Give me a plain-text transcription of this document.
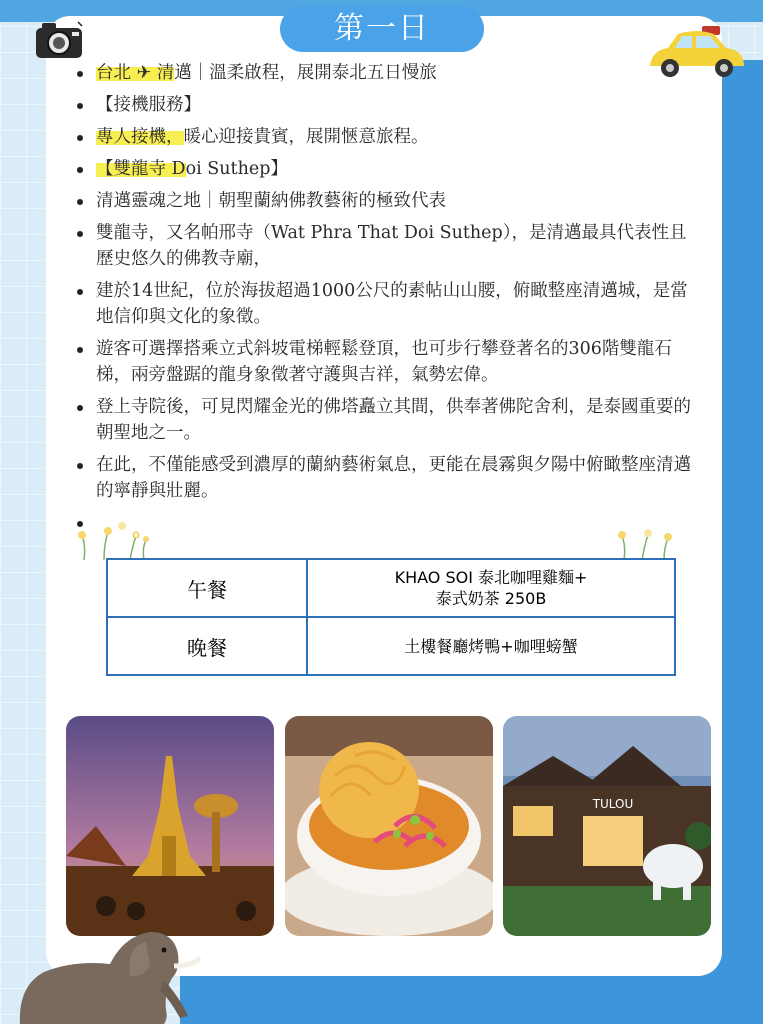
第一日
台北 ✈ 清邁｜溫柔啟程，展開泰北五日慢旅
【接機服務】
專人接機，暖心迎接貴賓，展開愜意旅程。
【雙龍寺 Doi Suthep】
清邁靈魂之地｜朝聖蘭納佛教藝術的極致代表
雙龍寺，又名帕邢寺（Wat Phra That Doi Suthep），是清邁最具代表性且歷史悠久的佛教寺廟，
建於14世紀，位於海拔超過1000公尺的素帖山山腰，俯瞰整座清邁城，是當地信仰與文化的象徵。
遊客可選擇搭乘立式斜坡電梯輕鬆登頂，也可步行攀登著名的306階雙龍石梯，兩旁盤踞的龍身象徵著守護與吉祥，氣勢宏偉。
登上寺院後，可見閃耀金光的佛塔矗立其間，供奉著佛陀舍利，是泰國重要的朝聖地之一。
在此，不僅能感受到濃厚的蘭納藝術氣息，更能在晨霧與夕陽中俯瞰整座清邁的寧靜與壯麗。
午餐	KHAO SOI 泰北咖哩雞麵+
泰式奶茶 250B

晚餐	土樓餐廳烤鴨+咖哩螃蟹
TULOU
